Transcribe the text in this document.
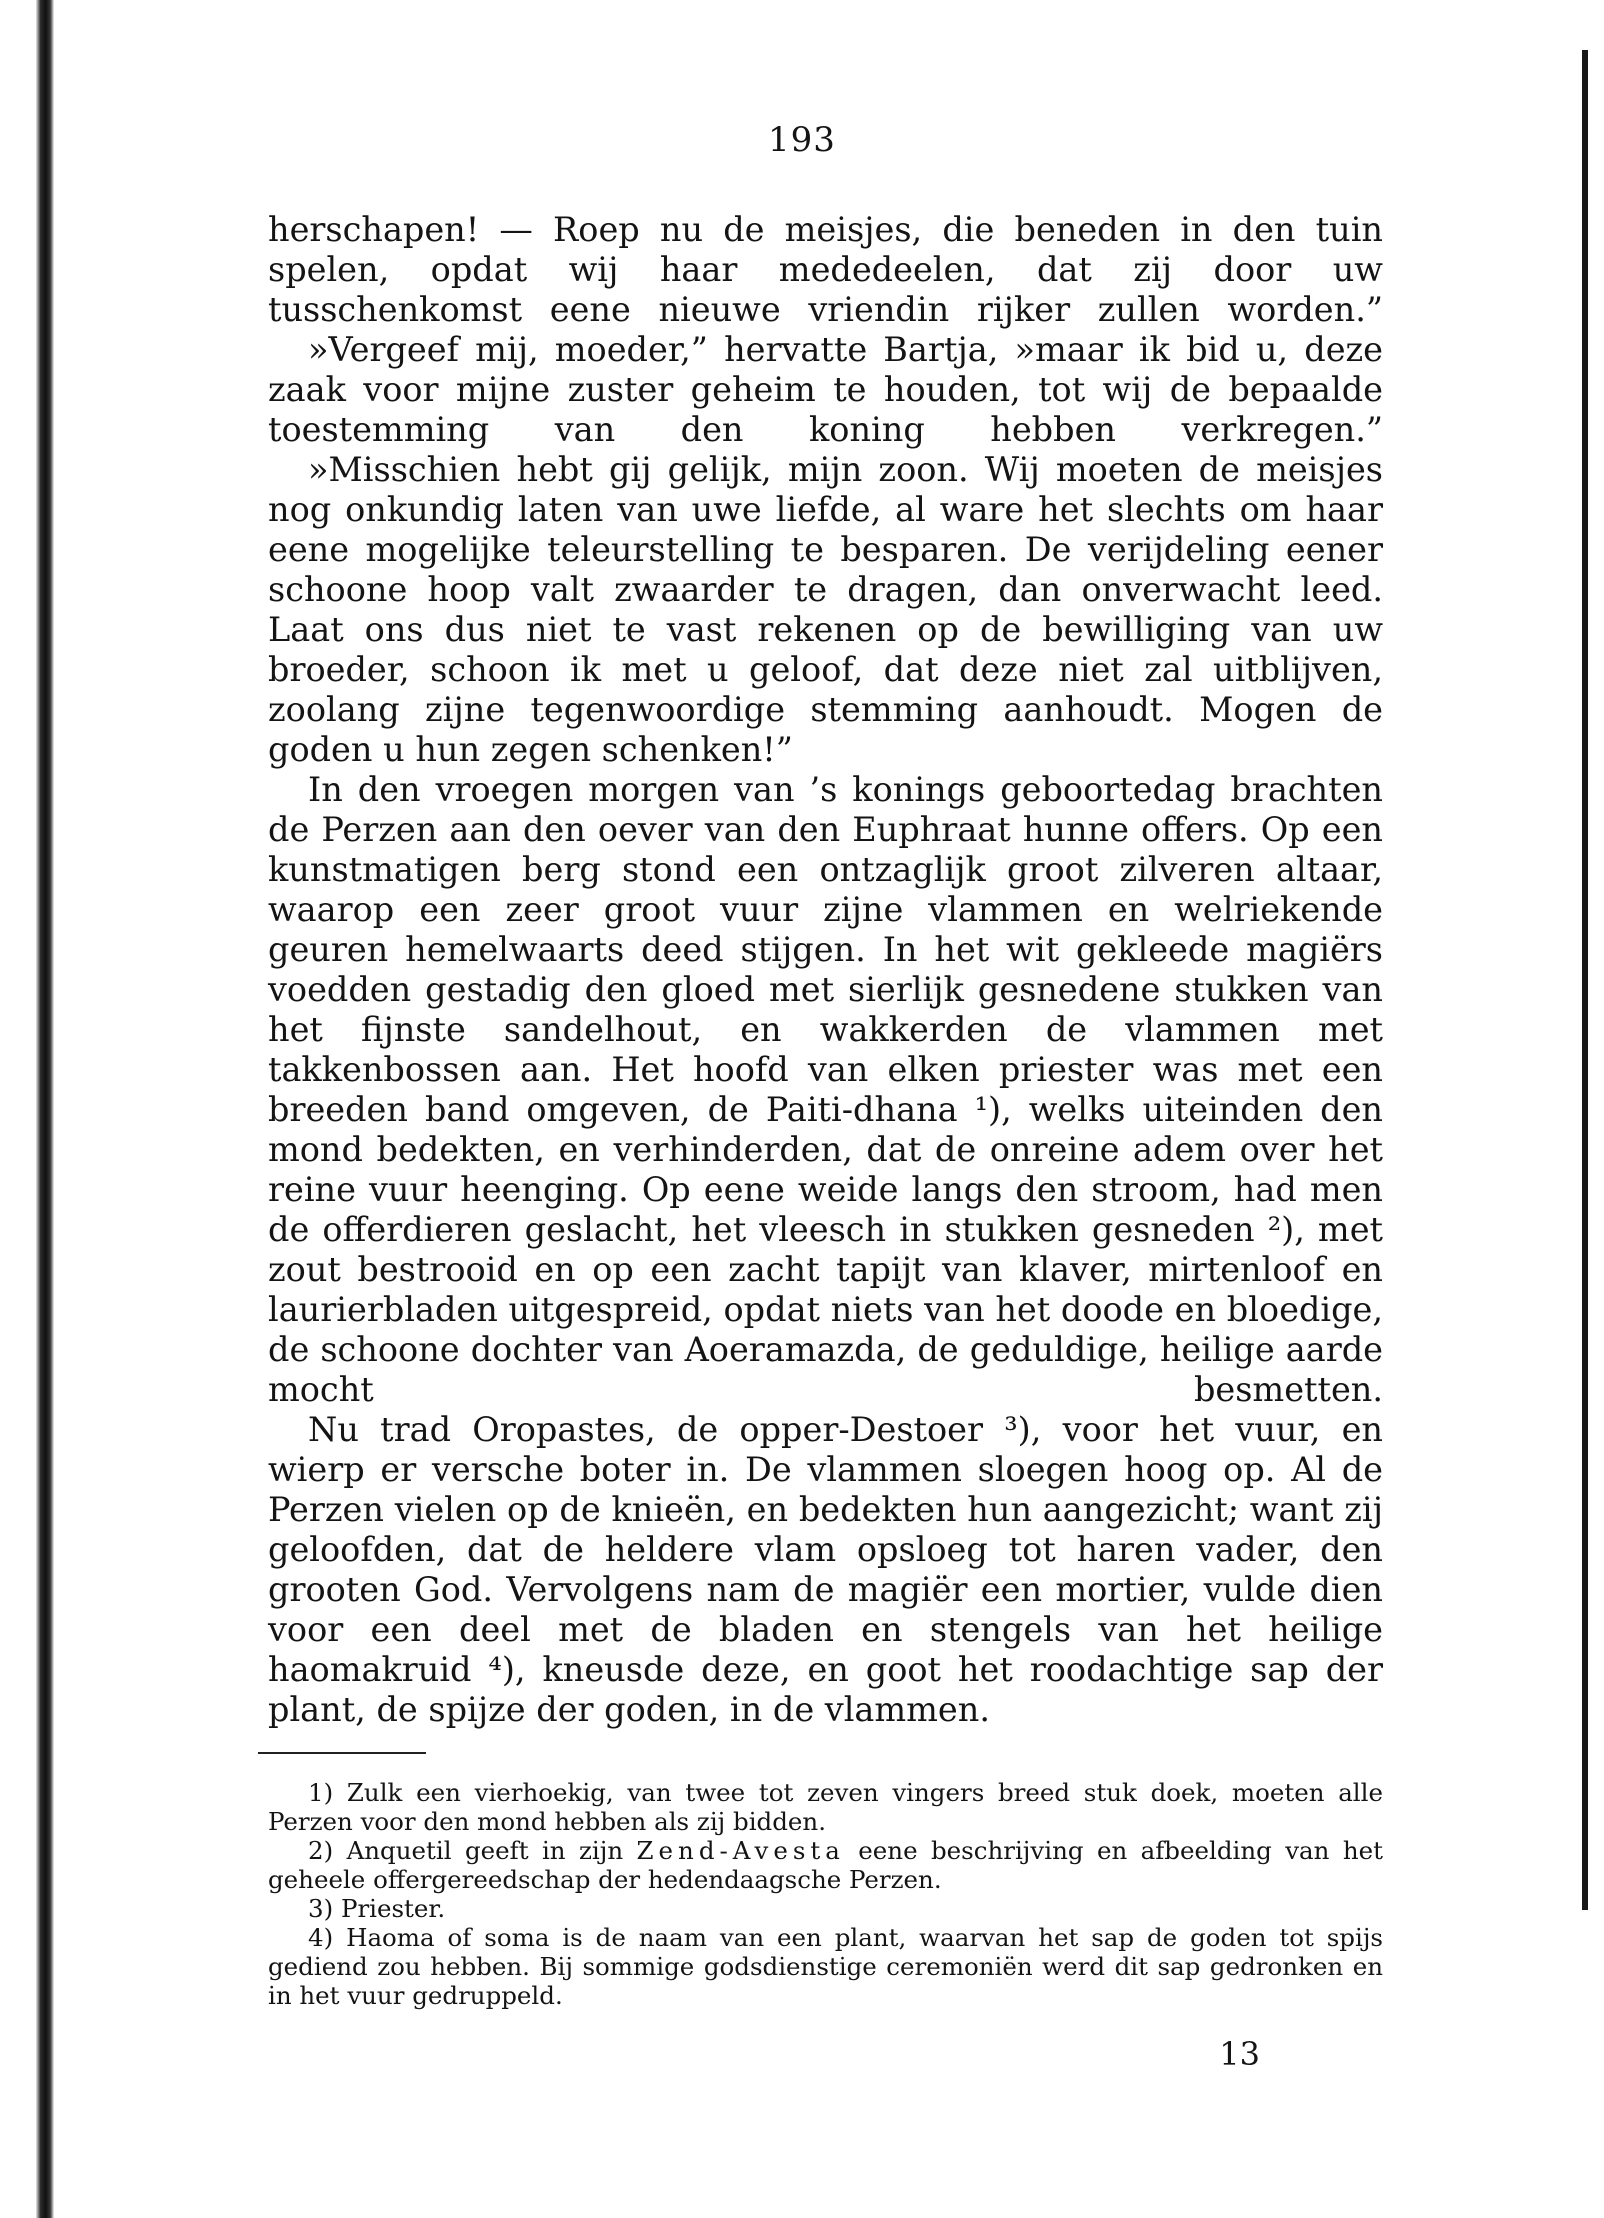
193

herschapen! — Roep nu de meisjes, die beneden in den tuin spelen, opdat wij haar mededeelen, dat zij door uw tusschenkomst eene nieuwe vriendin rijker zullen worden.”

»Vergeef mij, moeder,” hervatte Bartja, »maar ik bid u, deze zaak voor mijne zuster geheim te houden, tot wij de bepaalde toestemming van den koning hebben verkregen.”

»Misschien hebt gij gelijk, mijn zoon. Wij moeten de meisjes nog onkundig laten van uwe liefde, al ware het slechts om haar eene mogelijke teleurstelling te besparen. De verijdeling eener schoone hoop valt zwaarder te dragen, dan onverwacht leed. Laat ons dus niet te vast rekenen op de bewilliging van uw broeder, schoon ik met u geloof, dat deze niet zal uitblijven, zoolang zijne tegenwoordige stemming aanhoudt. Mogen de goden u hun zegen schenken!”

In den vroegen morgen van ’s konings geboortedag brachten de Perzen aan den oever van den Euphraat hunne offers. Op een kunstmatigen berg stond een ontzaglijk groot zilveren altaar, waarop een zeer groot vuur zijne vlammen en welriekende geuren hemelwaarts deed stijgen. In het wit gekleede magiërs voedden gestadig den gloed met sierlijk gesnedene stukken van het fijnste sandelhout, en wakkerden de vlammen met takkenbossen aan. Het hoofd van elken priester was met een breeden band omgeven, de Paiti-dhana ¹), welks uiteinden den mond bedekten, en verhinderden, dat de onreine adem over het reine vuur heenging. Op eene weide langs den stroom, had men de offerdieren geslacht, het vleesch in stukken gesneden ²), met zout bestrooid en op een zacht tapijt van klaver, mirtenloof en laurierbladen uitgespreid, opdat niets van het doode en bloedige, de schoone dochter van Aoeramazda, de geduldige, heilige aarde mocht besmetten.

Nu trad Oropastes, de opper-Destoer ³), voor het vuur, en wierp er versche boter in. De vlammen sloegen hoog op. Al de Perzen vielen op de knieën, en bedekten hun aangezicht; want zij geloofden, dat de heldere vlam opsloeg tot haren vader, den grooten God. Vervolgens nam de magiër een mortier, vulde dien voor een deel met de bladen en stengels van het heilige haomakruid ⁴), kneusde deze, en goot het roodachtige sap der plant, de spijze der goden, in de vlammen.

1) Zulk een vierhoekig, van twee tot zeven vingers breed stuk doek, moeten alle Perzen voor den mond hebben als zij bidden.

2) Anquetil geeft in zijn Zend-Avesta eene beschrijving en afbeelding van het geheele offergereedschap der hedendaagsche Perzen.

3) Priester.

4) Haoma of soma is de naam van een plant, waarvan het sap de goden tot spijs gediend zou hebben. Bij sommige godsdienstige ceremoniën werd dit sap gedronken en in het vuur gedruppeld.

13
